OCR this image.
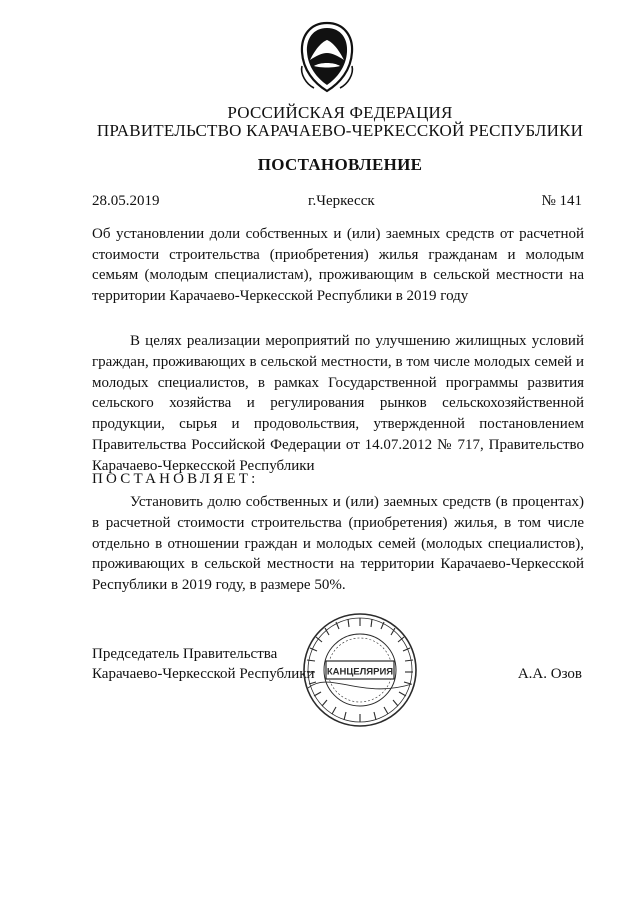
РОССИЙСКАЯ ФЕДЕРАЦИЯ
ПРАВИТЕЛЬСТВО КАРАЧАЕВО-ЧЕРКЕССКОЙ РЕСПУБЛИКИ
ПОСТАНОВЛЕНИЕ
28.05.2019	г.Черкесск	№ 141
Об установлении доли собственных и (или) заемных средств от расчетной стоимости строительства (приобретения) жилья гражданам и молодым семьям (молодым специалистам), проживающим в сельской местности на территории Карачаево-Черкесской Республики в 2019 году

В целях реализации мероприятий по улучшению жилищных условий граждан, проживающих в сельской местности, в том числе молодых семей и молодых специалистов, в рамках Государственной программы развития сельского хозяйства и регулирования рынков сельскохозяйственной продукции, сырья и продовольствия, утвержденной постановлением Правительства Российской Федерации от 14.07.2012 № 717, Правительство Карачаево-Черкесской Республики

ПОСТАНОВЛЯЕТ:

Установить долю собственных и (или) заемных средств (в процентах) в расчетной стоимости строительства (приобретения) жилья, в том числе отдельно в отношении граждан и молодых семей (молодых специалистов), проживающих в сельской местности на территории Карачаево-Черкесской Республики в 2019 году, в размере 50%.

Председатель Правительства
Карачаево-Черкесской Республики	А.А. Озов
КАНЦЕЛЯРИЯ
